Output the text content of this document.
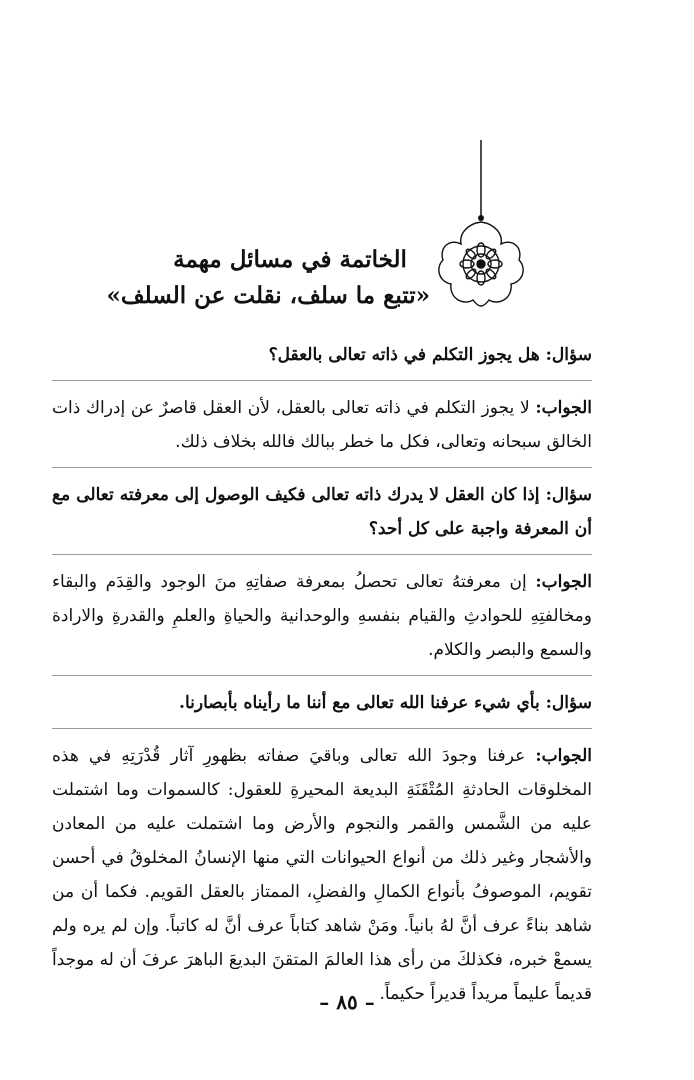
الخاتمة في مسائل مهمة
«تتبع ما سلف، نقلت عن السلف»

سؤال: هل يجوز التكلم في ذاته تعالى بالعقل؟

الجواب: لا يجوز التكلم في ذاته تعالى بالعقل، لأن العقل قاصرٌ عن إدراك ذات الخالق سبحانه وتعالى، فكل ما خطر ببالك فالله بخلاف ذلك.

سؤال: إذا كان العقل لا يدرك ذاته تعالى فكيف الوصول إلى معرفته تعالى مع أن المعرفة واجبة على كل أحد؟

الجواب: إن معرفتهُ تعالى تحصلُ بمعرفة صفاتِهِ منَ الوجود والقِدَم والبقاء ومخالفتِهِ للحوادثِ والقيام بنفسهِ والوحدانية والحياةِ والعلمِ والقدرةِ والارادة والسمع والبصر والكلام.

سؤال: بأي شيء عرفنا الله تعالى مع أننا ما رأيناه بأبصارنا.

الجواب: عرفنا وجودَ الله تعالى وباقيَ صفاته بظهورِ آثار قُدْرَتِهِ في هذه المخلوقات الحادثةِ المُتْقَنَةِ البديعة المحيرةِ للعقول: كالسموات وما اشتملت عليه من الشَّمس والقمر والنجوم والأرض وما اشتملت عليه من المعادن والأشجار وغير ذلك من أنواع الحيوانات التي منها الإنسانُ المخلوقُ في أحسن تقويم، الموصوفُ بأنواع الكمالِ والفضلِ، الممتاز بالعقل القويم. فكما أن من شاهد بناءً عرف أنَّ لهُ بانياً. ومَنْ شاهد كتاباً عرف أنَّ له كاتباً. وإن لم يره ولم يسمعْ خبره، فكذلكَ من رأى هذا العالمَ المتقنَ البديعَ الباهرَ عرفَ أن له موجداً قديماً عليماً مريداً قديراً حكيماً.

– ٨٥ –
